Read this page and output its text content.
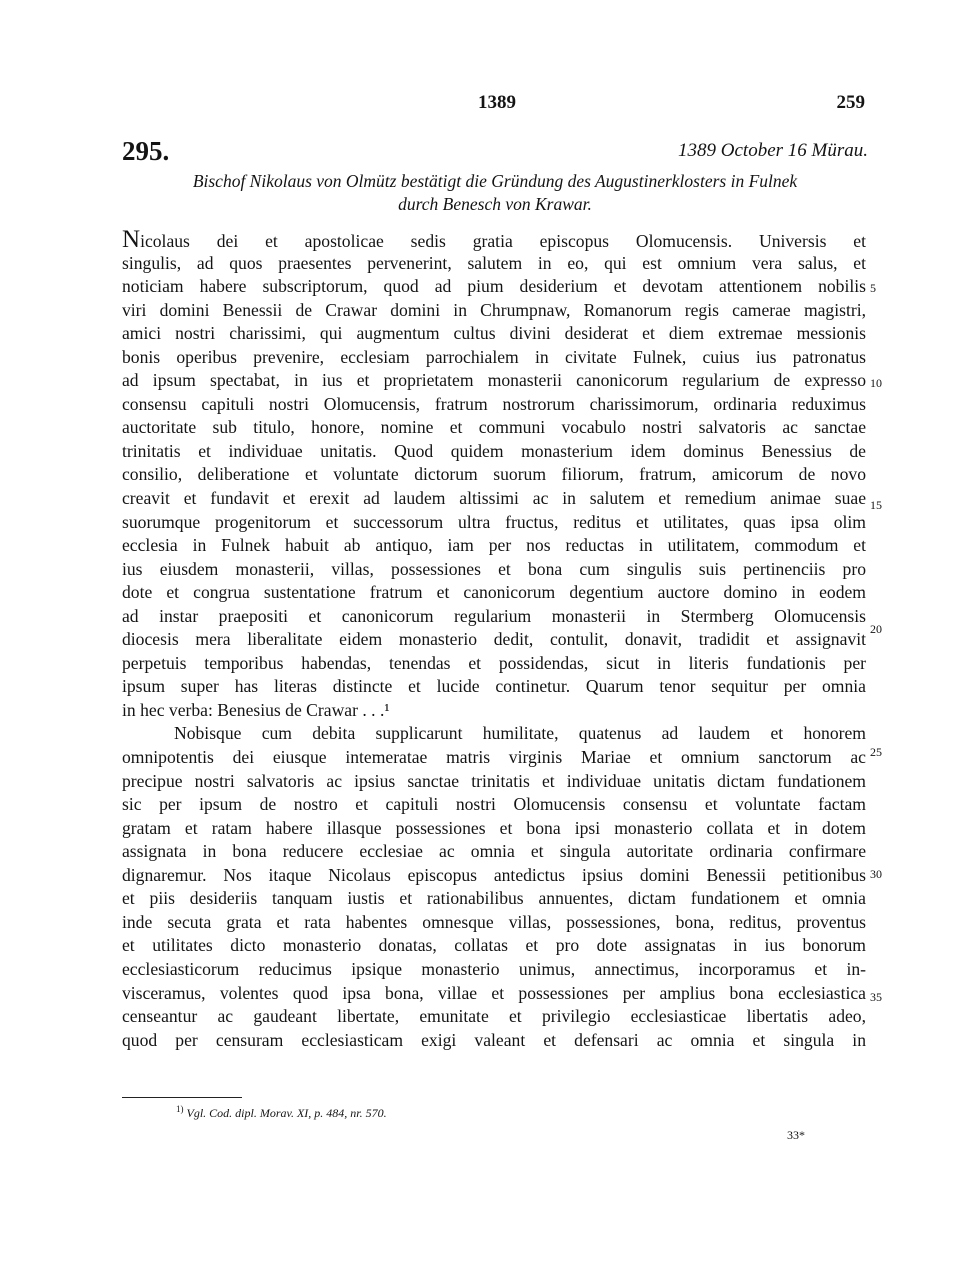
1389	259
295.	1389 October 16 Mürau.
Bischof Nikolaus von Olmütz bestätigt die Gründung des Augustinerklosters in Fulnek
durch Benesch von Krawar.
Nicolaus dei et apostolicae sedis gratia episcopus Olomucensis. Universis et
singulis, ad quos praesentes pervenerint, salutem in eo, qui est omnium vera salus, et
noticiam habere subscriptorum, quod ad pium desiderium et devotam attentionem nobilis
viri domini Benessii de Crawar domini in Chrumpnaw, Romanorum regis camerae magistri,
amici nostri charissimi, qui augmentum cultus divini desiderat et diem extremae messionis
bonis operibus prevenire, ecclesiam parrochialem in civitate Fulnek, cuius ius patronatus
ad ipsum spectabat, in ius et proprietatem monasterii canonicorum regularium de expresso
consensu capituli nostri Olomucensis, fratrum nostrorum charissimorum, ordinaria reduximus
auctoritate sub titulo, honore, nomine et communi vocabulo nostri salvatoris ac sanctae
trinitatis et individuae unitatis. Quod quidem monasterium idem dominus Benessius de
consilio, deliberatione et voluntate dictorum suorum filiorum, fratrum, amicorum de novo
creavit et fundavit et erexit ad laudem altissimi ac in salutem et remedium animae suae
suorumque progenitorum et successorum ultra fructus, reditus et utilitates, quas ipsa olim
ecclesia in Fulnek habuit ab antiquo, iam per nos reductas in utilitatem, commodum et
ius eiusdem monasterii, villas, possessiones et bona cum singulis suis pertinenciis pro
dote et congrua sustentatione fratrum et canonicorum degentium auctore domino in eodem
ad instar praepositi et canonicorum regularium monasterii in Stermberg Olomucensis
diocesis mera liberalitate eidem monasterio dedit, contulit, donavit, tradidit et assignavit
perpetuis temporibus habendas, tenendas et possidendas, sicut in literis fundationis per
ipsum super has literas distincte et lucide continetur. Quarum tenor sequitur per omnia
in hec verba: Benesius de Crawar . . .¹
Nobisque cum debita supplicarunt humilitate, quatenus ad laudem et honorem
omnipotentis dei eiusque intemeratae matris virginis Mariae et omnium sanctorum ac
precipue nostri salvatoris ac ipsius sanctae trinitatis et individuae unitatis dictam fundationem
sic per ipsum de nostro et capituli nostri Olomucensis consensu et voluntate factam
gratam et ratam habere illasque possessiones et bona ipsi monasterio collata et in dotem
assignata in bona reducere ecclesiae ac omnia et singula autoritate ordinaria confirmare
dignaremur. Nos itaque Nicolaus episcopus antedictus ipsius domini Benessii petitionibus
et piis desideriis tanquam iustis et rationabilibus annuentes, dictam fundationem et omnia
inde secuta grata et rata habentes omnesque villas, possessiones, bona, reditus, proventus
et utilitates dicto monasterio donatas, collatas et pro dote assignatas in ius bonorum
ecclesiasticorum reducimus ipsique monasterio unimus, annectimus, incorporamus et in-
visceramus, volentes quod ipsa bona, villae et possessiones per amplius bona ecclesiastica
censeantur ac gaudeant libertate, emunitate et privilegio ecclesiasticae libertatis adeo,
quod per censuram ecclesiasticam exigi valeant et defensari ac omnia et singula in
5
10
15
20
25
30
35
$^{1)}$ Vgl. Cod. dipl. Morav. XI, p. 484, nr. 570.
33*
